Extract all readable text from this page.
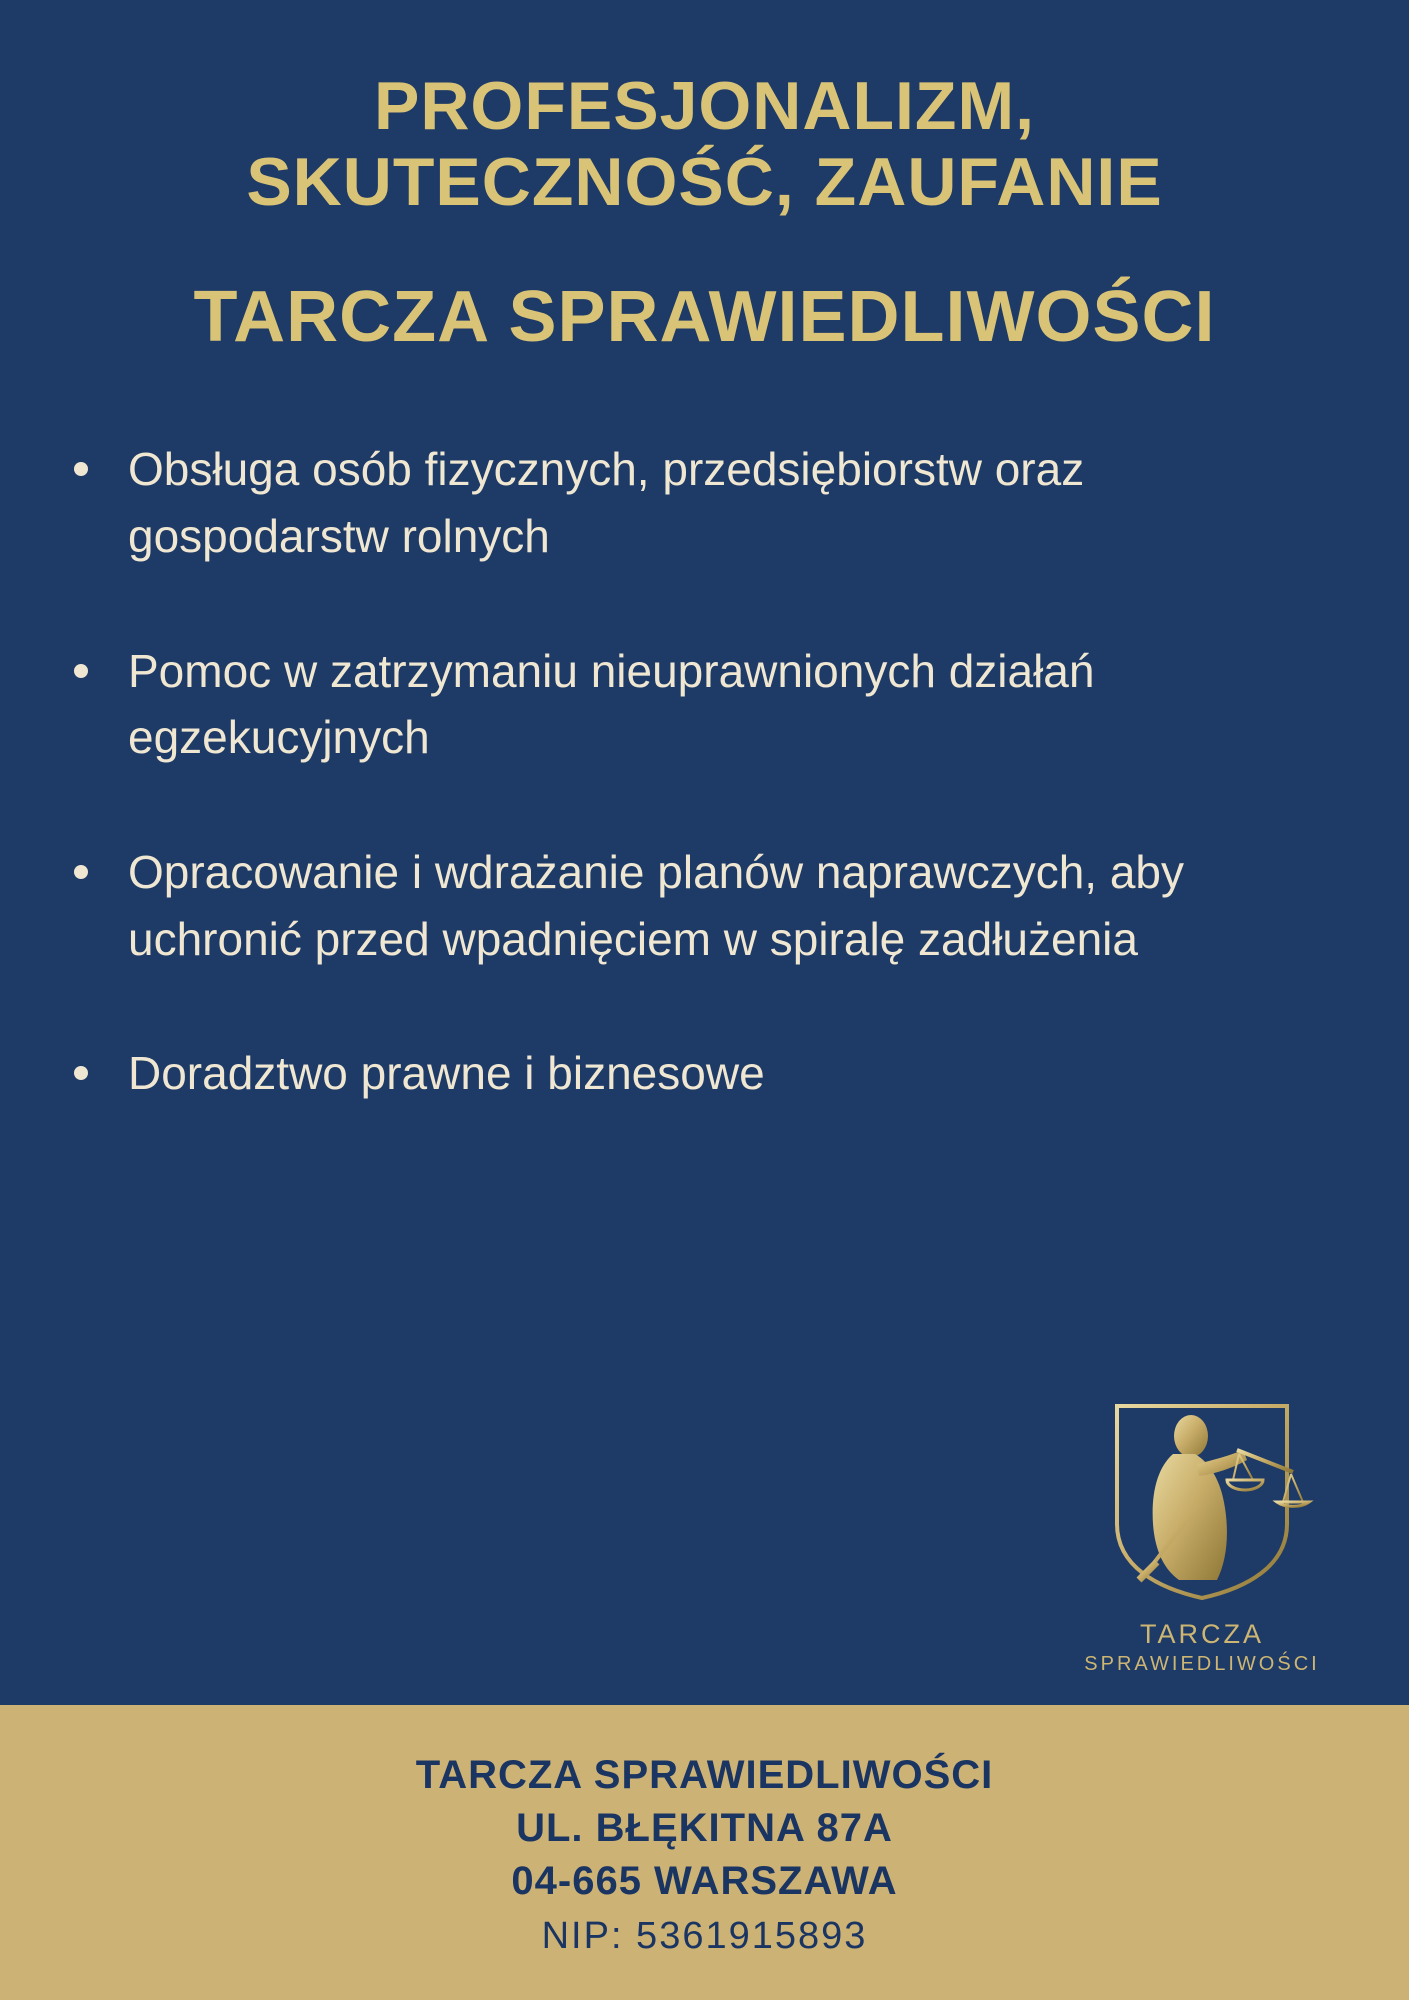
PROFESJONALIZM,
SKUTECZNOŚĆ, ZAUFANIE
TARCZA SPRAWIEDLIWOŚCI
Obsługa osób fizycznych, przedsiębiorstw oraz gospodarstw rolnych
Pomoc w zatrzymaniu nieuprawnionych działań egzekucyjnych
Opracowanie i wdrażanie planów naprawczych, aby uchronić przed wpadnięciem w spiralę zadłużenia
Doradztwo prawne i biznesowe
TARCZA
SPRAWIEDLIWOŚCI
TARCZA SPRAWIEDLIWOŚCI
UL. BŁĘKITNA 87A
04-665 WARSZAWA
NIP: 5361915893
